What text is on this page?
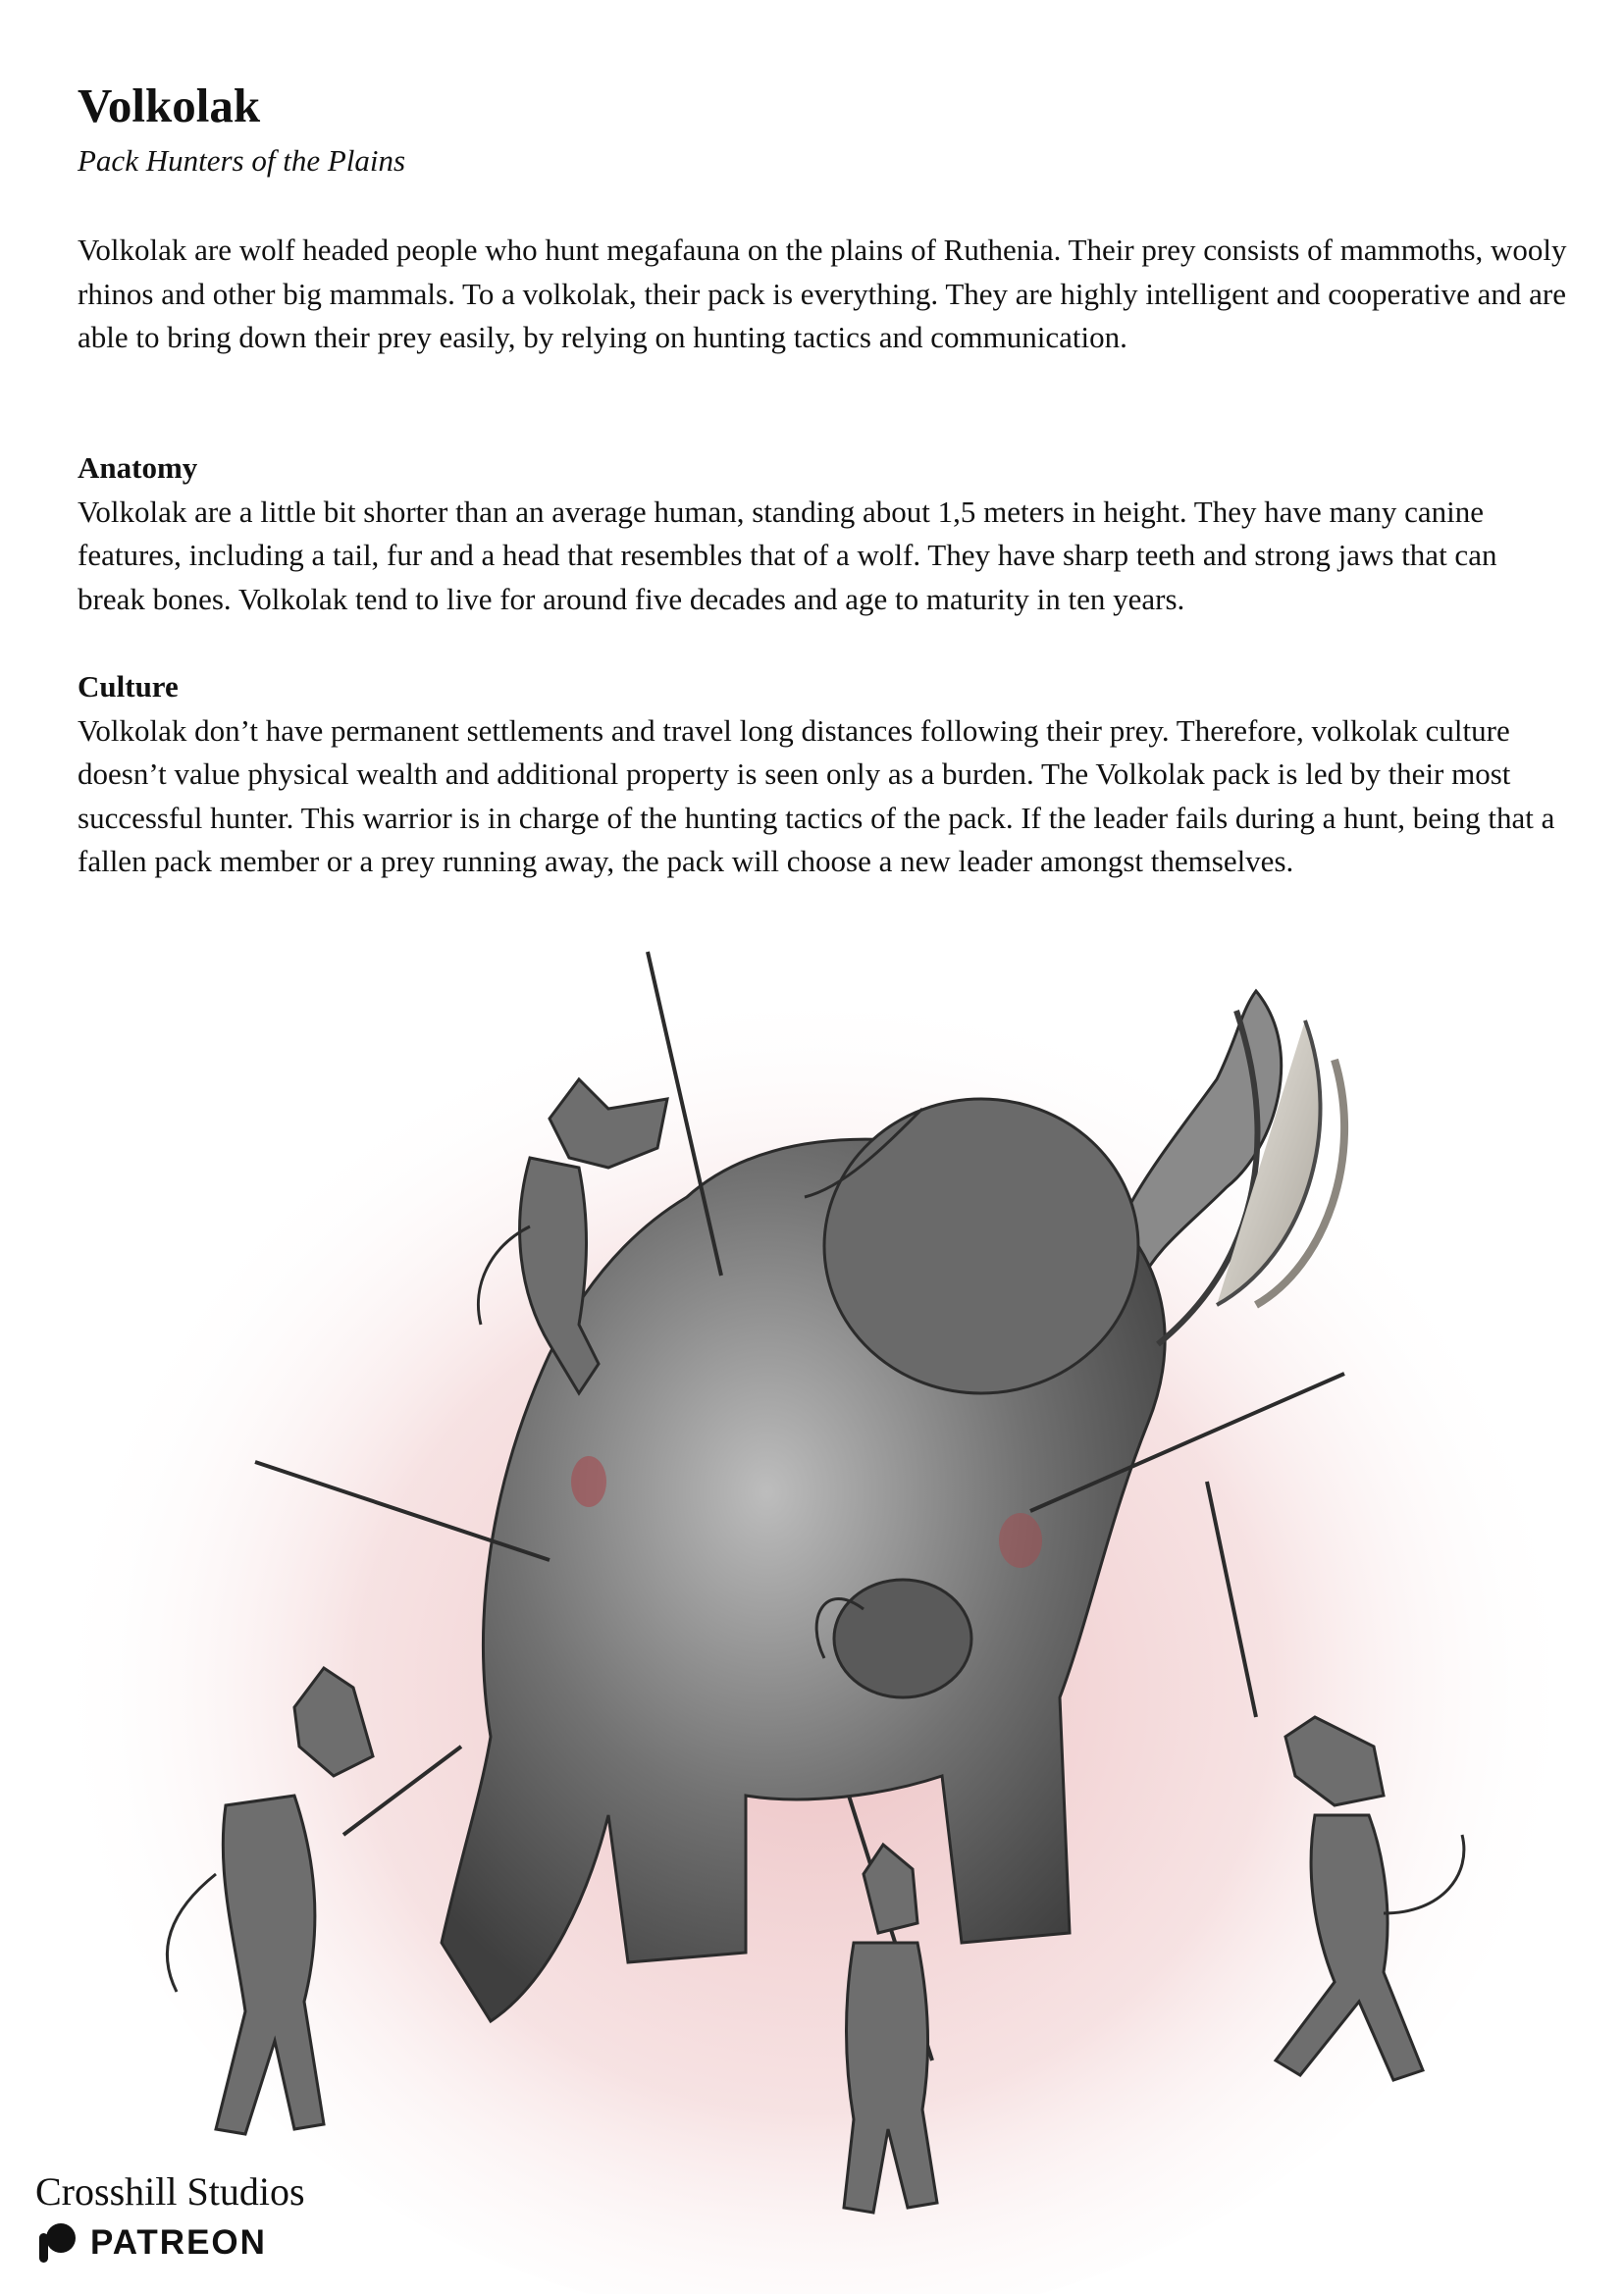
Volkolak

Pack Hunters of the Plains

Volkolak are wolf headed people who hunt megafauna on the plains of Ruthenia. Their prey consists of mammoths, wooly rhinos and other big mammals. To a volkolak, their pack is everything. They are highly intelligent and cooperative and are able to bring down their prey easily, by relying on hunting tactics and communication.

Anatomy
Volkolak are a little bit shorter than an average human, standing about 1,5 meters in height. They have many canine features, including a tail, fur and a head that resembles that of a wolf. They have sharp teeth and strong jaws that can break bones. Volkolak tend to live for around five decades and age to maturity in ten years.

Culture
Volkolak don’t have permanent settlements and travel long distances following their prey. Therefore, volkolak culture doesn’t value physical wealth and additional property is seen only as a burden. The Volkolak pack is led by their most successful hunter. This warrior is in charge of the hunting tactics of the pack. If the leader fails during a hunt, being that a fallen pack member or a prey running away, the pack will choose a new leader amongst themselves.

Crosshill Studios
PATREON
